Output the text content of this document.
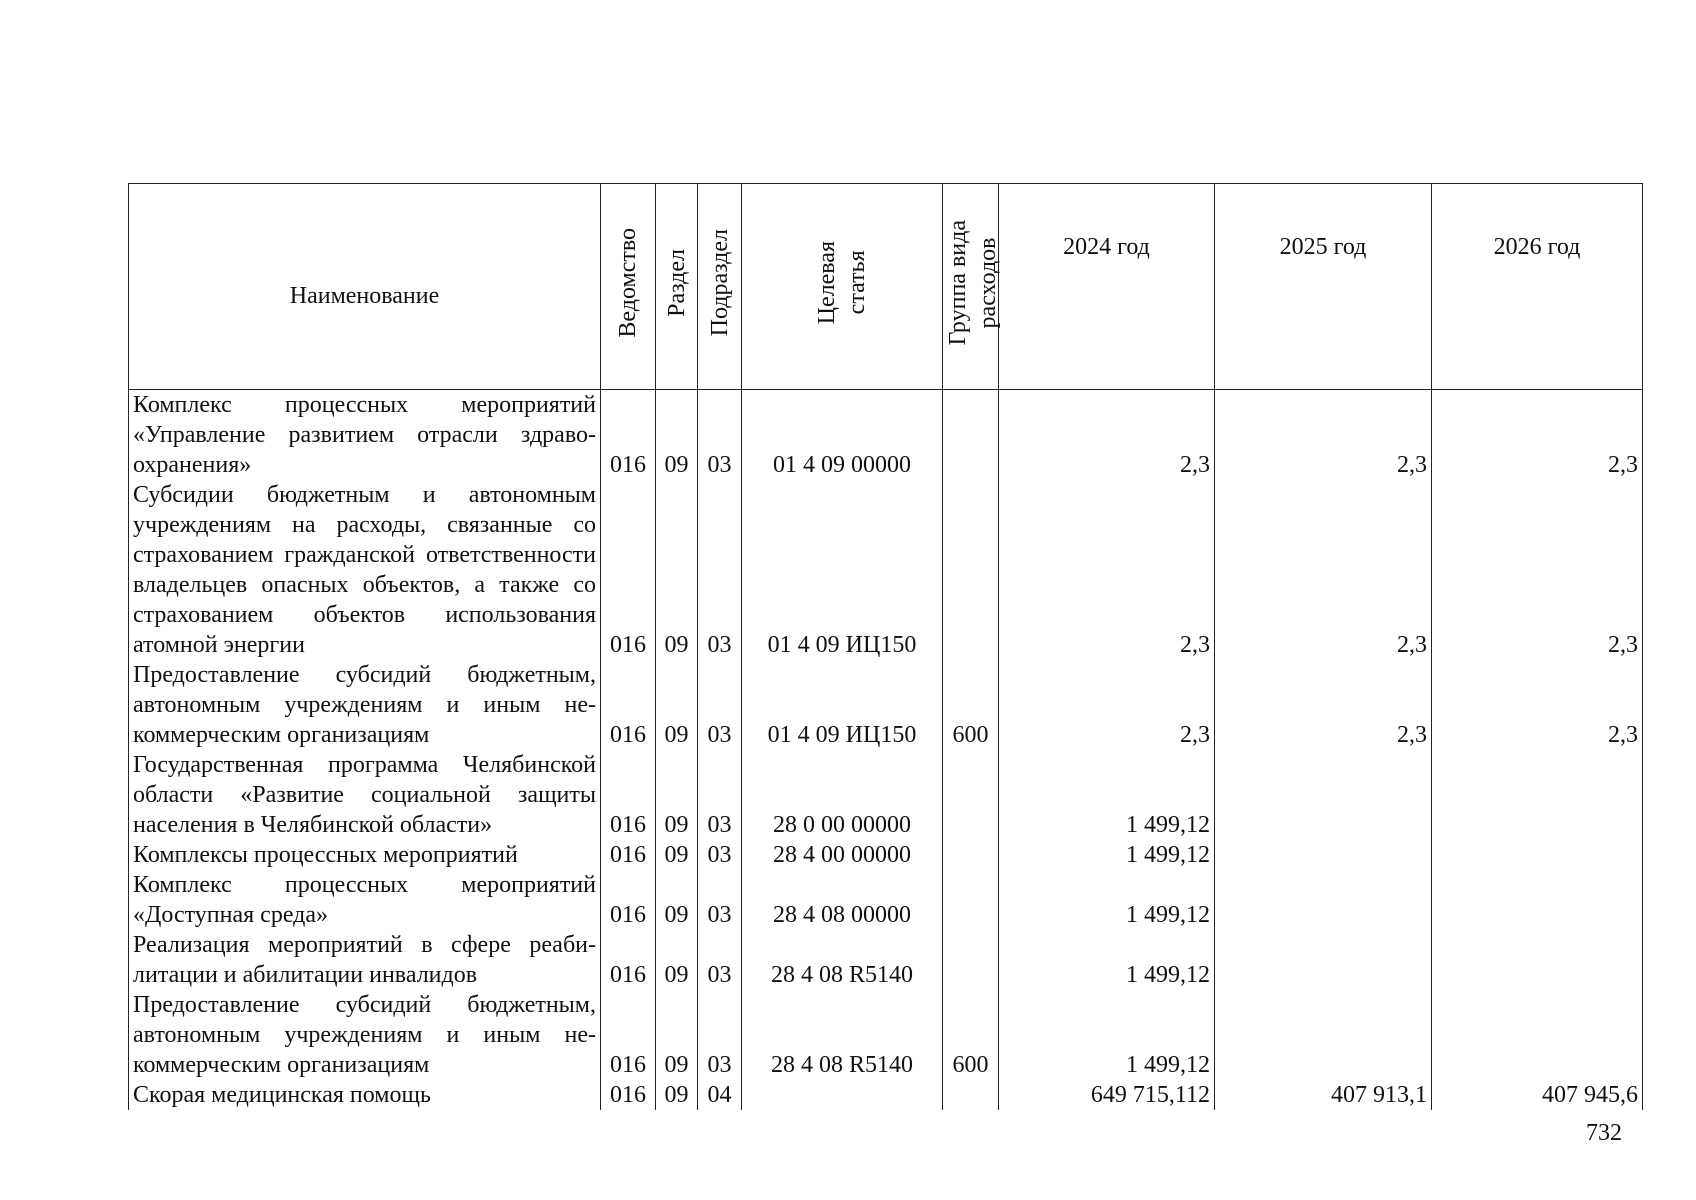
Наименование	Ведомство	Раздел	Подраздел	Целевая статья	Группа вида расходов	2024 год	2025 год	2026 год
Комплекс процессных мероприятий «Управление развитием отрасли здравоохранения»	016	09	03	01 4 09 00000		2,3	2,3	2,3
Субсидии бюджетным и автономным учреждениям на расходы, связанные со страхованием гражданской ответственности владельцев опасных объектов, а также со страхованием объектов использования атомной энергии	016	09	03	01 4 09 ИЦ150		2,3	2,3	2,3
Предоставление субсидий бюджетным, автономным учреждениям и иным некоммерческим организациям	016	09	03	01 4 09 ИЦ150	600	2,3	2,3	2,3
Государственная программа Челябинской области «Развитие социальной защиты населения в Челябинской области»	016	09	03	28 0 00 00000		1 499,12		
Комплексы процессных мероприятий	016	09	03	28 4 00 00000		1 499,12		
Комплекс процессных мероприятий «Доступная среда»	016	09	03	28 4 08 00000		1 499,12		
Реализация мероприятий в сфере реабилитации и абилитации инвалидов	016	09	03	28 4 08 R5140		1 499,12		
Предоставление субсидий бюджетным, автономным учреждениям и иным некоммерческим организациям	016	09	03	28 4 08 R5140	600	1 499,12		
Скорая медицинская помощь	016	09	04			649 715,112	407 913,1	407 945,6
732
